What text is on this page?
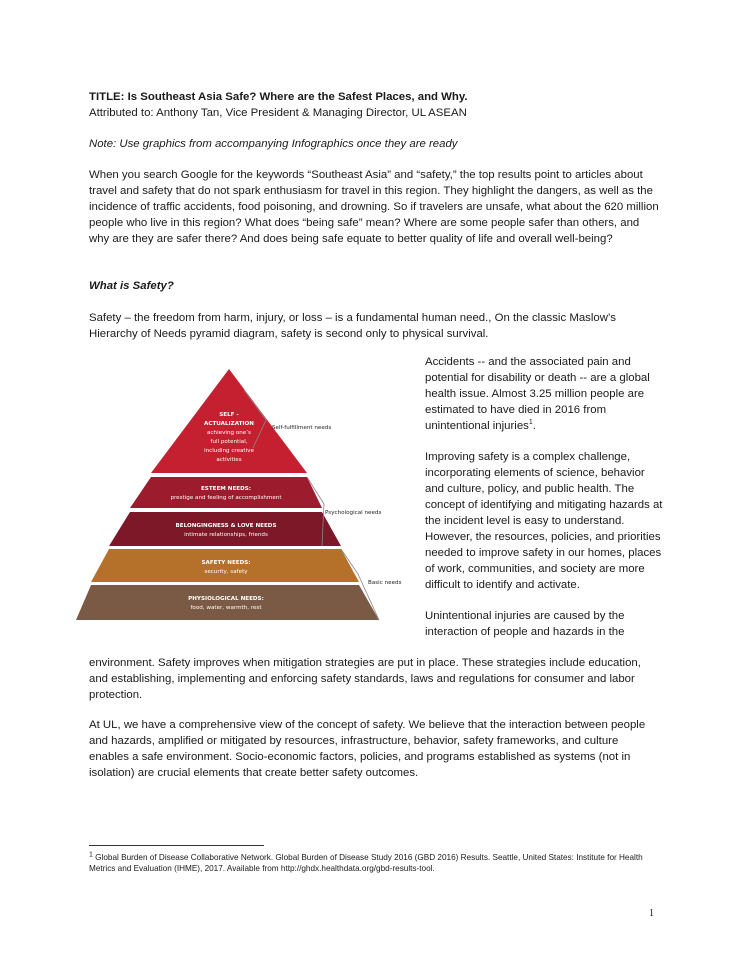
TITLE: Is Southeast Asia Safe? Where are the Safest Places, and Why.
Attributed to: Anthony Tan, Vice President & Managing Director, UL ASEAN
Note: Use graphics from accompanying Infographics once they are ready
When you search Google for the keywords “Southeast Asia” and “safety,” the top results point to articles about travel and safety that do not spark enthusiasm for travel in this region. They highlight the dangers, as well as the incidence of traffic accidents, food poisoning, and drowning. So if travelers are unsafe, what about the 620 million people who live in this region? What does “being safe” mean? Where are some people safer than others, and why are they are safer there? And does being safe equate to better quality of life and overall well-being?
What is Safety?
Safety – the freedom from harm, injury, or loss – is a fundamental human need., On the classic Maslow’s Hierarchy of Needs pyramid diagram, safety is second only to physical survival.
SELF -
ACTUALIZATION
achieving one’s
full potential,
including creative
activities
ESTEEM NEEDS:
prestige and feeling of accomplishment
BELONGINGNESS & LOVE NEEDS
intimate relationships, friends
SAFETY NEEDS:
security, safety
PHYSIOLOGICAL NEEDS:
food, water, warmth, rest
Self-fulfillment needs
Psychological needs
Basic needs

Accidents -- and the associated pain and potential for disability or death -- are a global health issue. Almost 3.25 million people are estimated to have died in 2016 from unintentional injuries$^1$.

Improving safety is a complex challenge, incorporating elements of science, behavior and culture, policy, and public health. The concept of identifying and mitigating hazards at the incident level is easy to understand. However, the resources, policies, and priorities needed to improve safety in our homes, places of work, communities, and society are more difficult to identify and activate.

Unintentional injuries are caused by the interaction of people and hazards in the

environment. Safety improves when mitigation strategies are put in place. These strategies include education, and establishing, implementing and enforcing safety standards, laws and regulations for consumer and labor protection.
At UL, we have a comprehensive view of the concept of safety. We believe that the interaction between people and hazards, amplified or mitigated by resources, infrastructure, behavior, safety frameworks, and culture enables a safe environment. Socio-economic factors, policies, and programs established as systems (not in isolation) are crucial elements that create better safety outcomes.
$^1$ Global Burden of Disease Collaborative Network. Global Burden of Disease Study 2016 (GBD 2016) Results. Seattle, United States: Institute for Health Metrics and Evaluation (IHME), 2017. Available from http://ghdx.healthdata.org/gbd-results-tool.
1
